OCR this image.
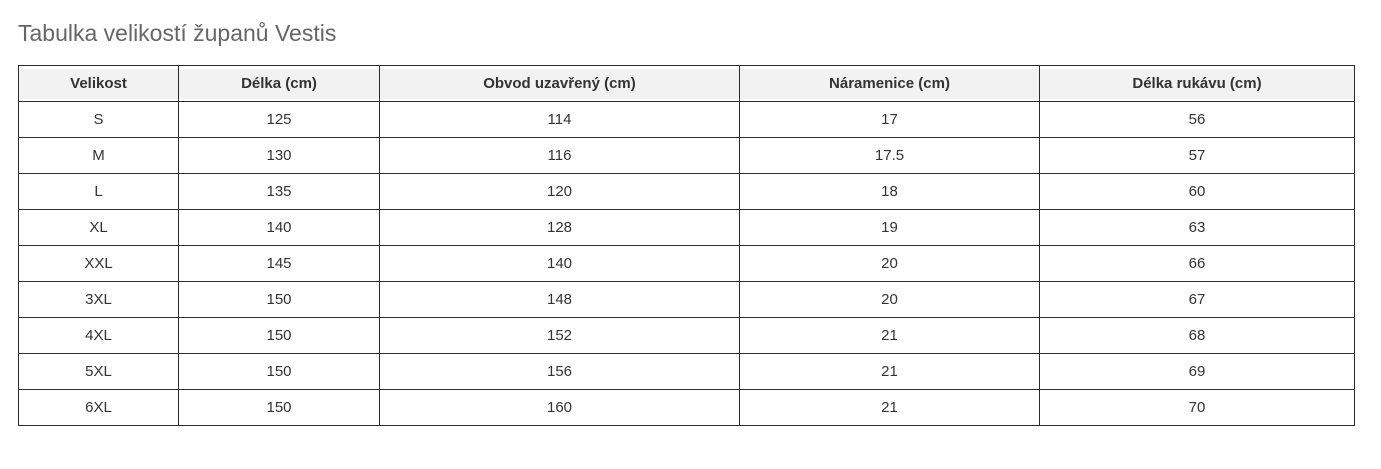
Tabulka velikostí županů Vestis
Velikost	Délka (cm)	Obvod uzavřený (cm)	Náramenice (cm)	Délka rukávu (cm)
S	125	114	17	56
M	130	116	17.5	57
L	135	120	18	60
XL	140	128	19	63
XXL	145	140	20	66
3XL	150	148	20	67
4XL	150	152	21	68
5XL	150	156	21	69
6XL	150	160	21	70
